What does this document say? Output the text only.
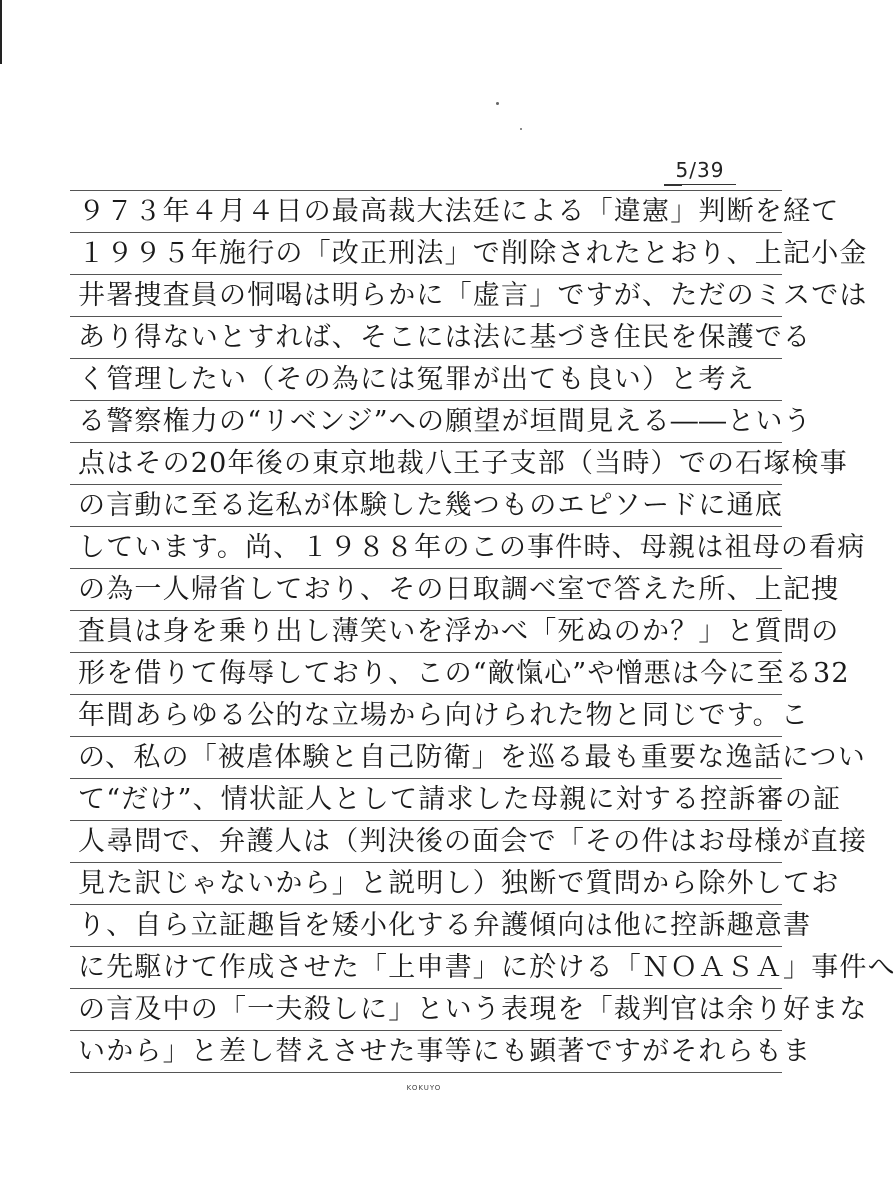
5/39
９７３年４月４日の最高裁大法廷による「違憲」判断を経て
１９９５年施行の「改正刑法」で削除されたとおり、上記小金
井署捜査員の恫喝は明らかに「虚言」ですが、ただのミスでは
あり得ないとすれば、そこには法に基づき住民を保護でる
く管理したい（その為には冤罪が出ても良い）と考え
る警察権力の“リベンジ”への願望が垣間見える――という
点はその20年後の東京地裁八王子支部（当時）での石塚検事
の言動に至る迄私が体験した幾つものエピソードに通底
しています。尚、１９８８年のこの事件時、母親は祖母の看病
の為一人帰省しており、その日取調べ室で答えた所、上記捜
査員は身を乗り出し薄笑いを浮かべ「死ぬのか？」と質問の
形を借りて侮辱しており、この“敵愾心”や憎悪は今に至る32
年間あらゆる公的な立場から向けられた物と同じです。こ
の、私の「被虐体験と自己防衛」を巡る最も重要な逸話につい
て“だけ”、情状証人として請求した母親に対する控訴審の証
人尋問で、弁護人は（判決後の面会で「その件はお母様が直接
見た訳じゃないから」と説明し）独断で質問から除外してお
り、自ら立証趣旨を矮小化する弁護傾向は他に控訴趣意書
に先駆けて作成させた「上申書」に於ける「ＮＯＡＳＡ」事件へ
の言及中の「一夫殺しに」という表現を「裁判官は余り好まな
いから」と差し替えさせた事等にも顕著ですがそれらもま
KOKUYO
